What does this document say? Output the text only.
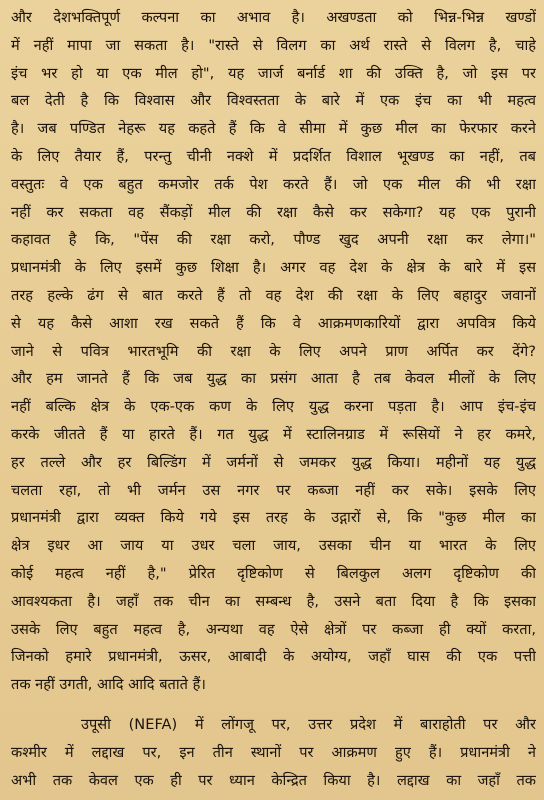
और देशभक्तिपूर्ण कल्पना का अभाव है। अखण्डता को भिन्न-भिन्न खण्डों
में नहीं मापा जा सकता है। "रास्ते से विलग का अर्थ रास्ते से विलग है, चाहे
इंच भर हो या एक मील हो", यह जार्ज बर्नार्ड शा की उक्ति है, जो इस पर
बल देती है कि विश्वास और विश्वस्तता के बारे में एक इंच का भी महत्व
है। जब पण्डित नेहरू यह कहते हैं कि वे सीमा में कुछ मील का फेरफार करने
के लिए तैयार हैं, परन्तु चीनी नक्शे में प्रदर्शित विशाल भूखण्ड का नहीं, तब
वस्तुतः वे एक बहुत कमजोर तर्क पेश करते हैं। जो एक मील की भी रक्षा
नहीं कर सकता वह सैंकड़ों मील की रक्षा कैसे कर सकेगा? यह एक पुरानी
कहावत है कि, "पेंस की रक्षा करो, पौण्ड खुद अपनी रक्षा कर लेगा।"
प्रधानमंत्री के लिए इसमें कुछ शिक्षा है। अगर वह देश के क्षेत्र के बारे में इस
तरह हल्के ढंग से बात करते हैं तो वह देश की रक्षा के लिए बहादुर जवानों
से यह कैसे आशा रख सकते हैं कि वे आक्रमणकारियों द्वारा अपवित्र किये
जाने से पवित्र भारतभूमि की रक्षा के लिए अपने प्राण अर्पित कर देंगे?
और हम जानते हैं कि जब युद्ध का प्रसंग आता है तब केवल मीलों के लिए
नहीं बल्कि क्षेत्र के एक-एक कण के लिए युद्ध करना पड़ता है। आप इंच-इंच
करके जीतते हैं या हारते हैं। गत युद्ध में स्टालिनग्राड में रूसियों ने हर कमरे,
हर तल्ले और हर बिल्डिंग में जर्मनों से जमकर युद्ध किया। महीनों यह युद्ध
चलता रहा, तो भी जर्मन उस नगर पर कब्जा नहीं कर सके। इसके लिए
प्रधानमंत्री द्वारा व्यक्त किये गये इस तरह के उद्गारों से, कि "कुछ मील का
क्षेत्र इधर आ जाय या उधर चला जाय, उसका चीन या भारत के लिए
कोई महत्व नहीं है," प्रेरित दृष्टिकोण से बिलकुल अलग दृष्टिकोण की
आवश्यकता है। जहाँ तक चीन का सम्बन्ध है, उसने बता दिया है कि इसका
उसके लिए बहुत महत्व है, अन्यथा वह ऐसे क्षेत्रों पर कब्जा ही क्यों करता,
जिनको हमारे प्रधानमंत्री, ऊसर, आबादी के अयोग्य, जहाँ घास की एक पत्ती
तक नहीं उगती, आदि आदि बताते हैं।
उपूसी (NEFA) में लोंगजू पर, उत्तर प्रदेश में बाराहोती पर और
कश्मीर में लद्दाख पर, इन तीन स्थानों पर आक्रमण हुए हैं। प्रधानमंत्री ने
अभी तक केवल एक ही पर ध्यान केन्द्रित किया है। लद्दाख का जहाँ तक
